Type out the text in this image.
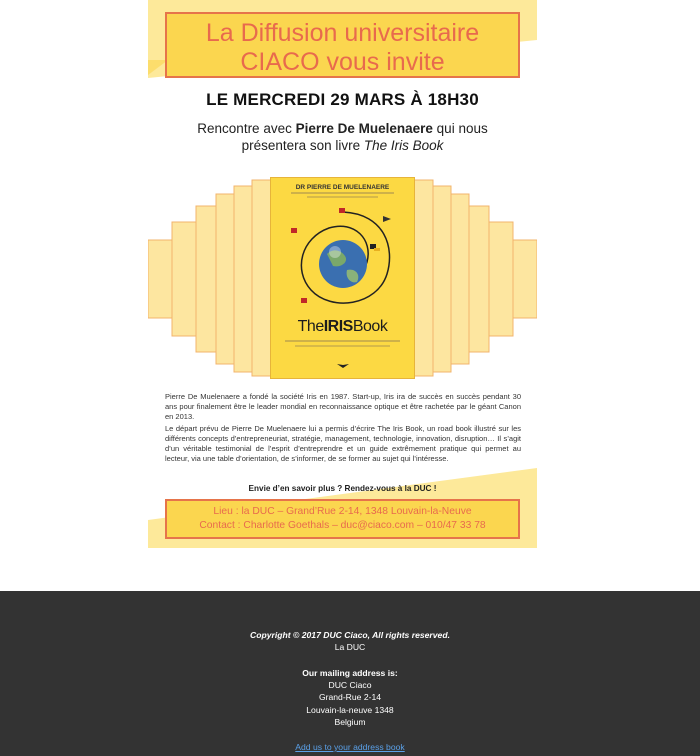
La Diffusion universitaire
CIACO vous invite
LE MERCREDI 29 MARS À 18H30
Rencontre avec Pierre De Muelenaere qui nous
présentera son livre The Iris Book
DR PIERRE DE MUELENAERE
TheIRISBook

Pierre De Muelenaere a fondé la société Iris en 1987. Start-up, Iris ira de succès en succès pendant 30 ans pour finalement être le leader mondial en reconnaissance optique et être rachetée par le géant Canon en 2013.

Le départ prévu de Pierre De Muelenaere lui a permis d’écrire The Iris Book, un road book illustré sur les différents concepts d’entrepreneuriat, stratégie, management, technologie, innovation, disruption… Il s’agit d’un véritable testimonial de l’esprit d’entreprendre et un guide extrêmement pratique qui permet au lecteur, via une table d’orientation, de s’informer, de se former au sujet qui l’intéresse.

Envie d’en savoir plus ? Rendez-vous à la DUC !
Lieu : la DUC – Grand’Rue 2-14, 1348 Louvain-la-Neuve
Contact : Charlotte Goethals – duc@ciaco.com – 010/47 33 78
Copyright © 2017 DUC Ciaco, All rights reserved.
La DUC
Our mailing address is:
DUC Ciaco
Grand-Rue 2-14
Louvain-la-neuve 1348
Belgium
Add us to your address book
